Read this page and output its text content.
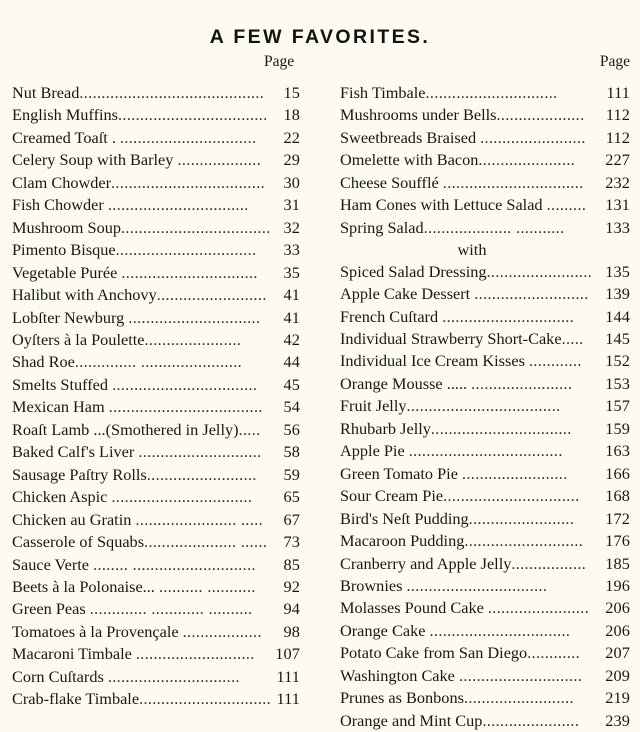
A FEW FAVORITES.
Page
Nut Bread ..........................................	15
English Muffins .................................. 18
Creamed Toaſt . ...............................	22
Celery Soup with Barley ...................	29
Clam Chowder ...................................	30
Fish Chowder ................................	31
Mushroom Soup .................................. 32
Pimento Bisque ................................	33
Vegetable Purée ...............................	35
Halibut with Anchovy .........................	41
Lobſter Newburg ..............................	41
Oyſters à la Poulette ......................	42
Shad Roe .............. .......................	44
Smelts Stuffed .................................	45
Mexican Ham ...................................	54
Roaſt Lamb ...(Smothered in Jelly) .....	56
Baked Calf's Liver ............................	58
Sausage Paſtry Rolls .........................	59
Chicken Aspic ................................	65
Chicken au Gratin ....................... .....	67
Casserole of Squabs ..................... ...... 73
Sauce Verte ........ ............................	85
Beets à la Polonaise... .......... ...........	92
Green Peas ............. ............ ..........	94
Tomatoes à la Provençale ..................	98
Macaroni Timbale ...........................	107
Corn Cuſtards ..............................	111
Crab-flake Timbale .............................. 111
Page
Fish Timbale ..............................	111
Mushrooms under Bells ....................	112
Sweetbreads Braised ........................	112
Omelette with Bacon ......................	227
Cheese Soufflé ................................	232
Ham Cones with Lettuce Salad .........	131
Spring Salad .................... ...........	133
with
Spiced Salad Dressing ........................ 135
Apple Cake Dessert ..........................	139
French Cuſtard ..............................	144
Individual Strawberry Short-Cake .....	145
Individual Ice Cream Kisses ............	152
Orange Mousse ..... .......................	153
Fruit Jelly ...................................	157
Rhubarb Jelly ................................	159
Apple Pie ...................................	163
Green Tomato Pie ........................	166
Sour Cream Pie ...............................	168
Bird's Neſt Pudding ........................	172
Macaroon Pudding ...........................	176
Cranberry and Apple Jelly .................	185
Brownies ................................	196
Molasses Pound Cake ....................... 206
Orange Cake ................................	206
Potato Cake from San Diego ............	207
Washington Cake ............................	209
Prunes as Bonbons .........................	219
Orange and Mint Cup ......................	239
